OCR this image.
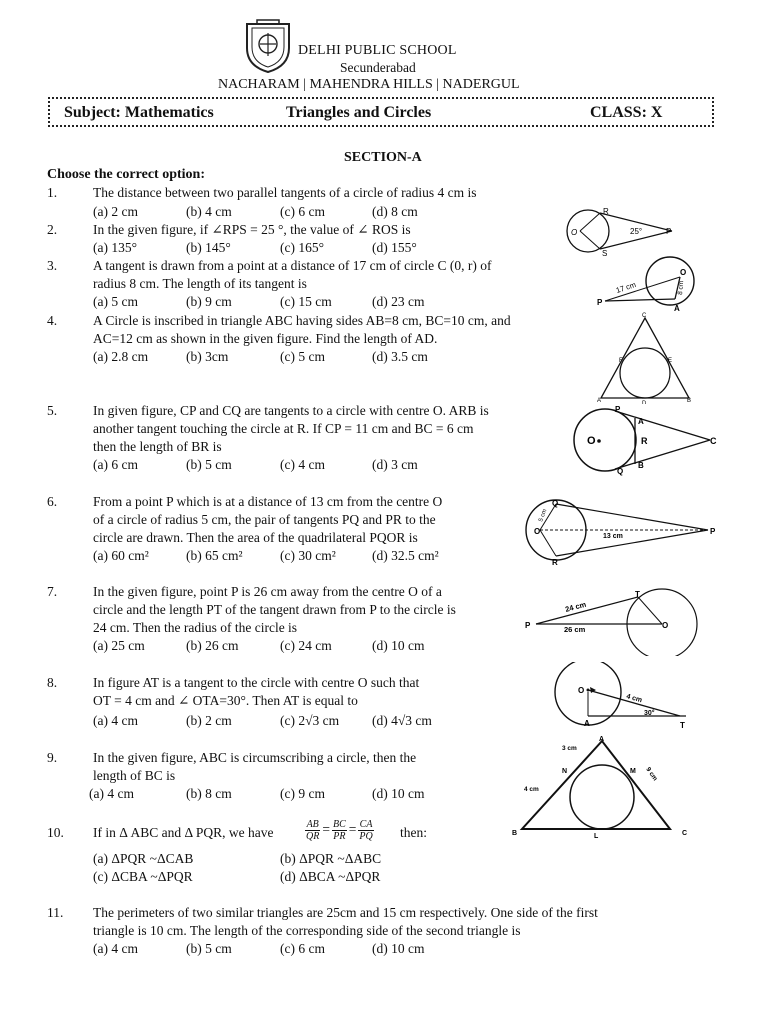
DELHI PUBLIC SCHOOL
Secunderabad
NACHARAM | MAHENDRA HILLS | NADERGUL
Subject: Mathematics	Triangles and Circles	CLASS: X
SECTION-A
Choose the correct option:
1.	The distance between two parallel tangents of a circle of radius 4 cm is
(a) 2 cm	(b) 4 cm	(c) 6 cm	(d) 8 cm
2.	In the given figure, if ∠RPS = 25 °, the value of ∠ ROS is
(a) 135°	(b) 145°	(c) 165°	(d) 155°
3.	A tangent is drawn from a point at a distance of 17 cm of circle C (0, r) of
radius 8 cm. The length of its tangent is
(a) 5 cm	(b) 9 cm	(c) 15 cm	(d) 23 cm
4.	A Circle is inscribed in triangle ABC having sides AB=8 cm, BC=10 cm, and
AC=12 cm as shown in the given figure. Find the length of AD.
(a) 2.8 cm	(b) 3cm	(c) 5 cm	(d) 3.5 cm
5.	In given figure, CP and CQ are tangents to a circle with centre O. ARB is
another tangent touching the circle at R. If CP = 11 cm and BC = 6 cm
then the length of BR is
(a) 6 cm	(b) 5 cm	(c) 4 cm	(d) 3 cm
6.	From a point P which is at a distance of 13 cm from the centre O
of a circle of radius 5 cm, the pair of tangents PQ and PR to the
circle are drawn. Then the area of the quadrilateral PQOR is
(a) 60 cm²	(b) 65 cm²	(c) 30 cm²	(d) 32.5 cm²
7.	In the given figure, point P is 26 cm away from the centre O of a
circle and the length PT of the tangent drawn from P to the circle is
24 cm. Then the radius of the circle is
(a) 25 cm	(b) 26 cm	(c) 24 cm	(d) 10 cm
8.	In figure AT is a tangent to the circle with centre O such that
OT = 4 cm and ∠ OTA=30°. Then AT is equal to
(a) 4 cm	(b) 2 cm	(c) 2√3 cm (d) 4√3 cm
9.	In the given figure, ABC is circumscribing a circle, then the
length of BC is
(a) 4 cm	(b) 8 cm	(c) 9 cm	(d) 10 cm
10. If in Δ ABC and Δ PQR, we have	$\frac{AB}{QR} = \frac{BC}{PR} = \frac{CA}{PQ}$ then:
(a) ΔPQR ~ΔCAB	(b) ΔPQR ~ΔABC
(c) ΔCBA ~ΔPQR	(d) ΔBCA ~ΔPQR
11. The perimeters of two similar triangles are 25cm and 15 cm respectively. One side of the first
triangle is 10 cm. The length of the corresponding side of the second triangle is
(a) 4 cm	(b) 5 cm	(c) 6 cm	(d) 10 cm
R
O
S
P
25°
P
A
O
17 cm	8 cm
C
F	E
A	D	B
O
P
A
R	C
Q
B
Q
O
R
P
5 cm
13 cm
P
T
O
24 cm
26 cm
O
A	T
4 cm
30°
A
N	M
B	L	C
3 cm
9 cm
4 cm
